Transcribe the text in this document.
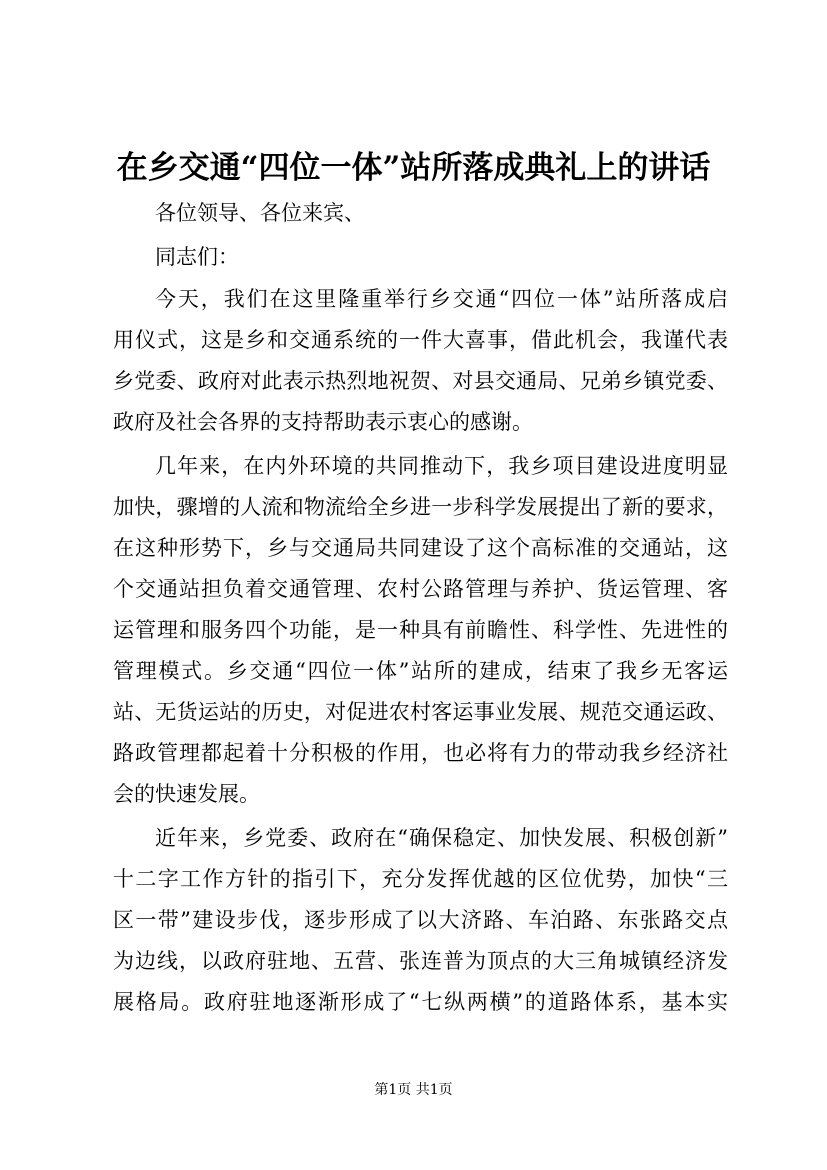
在乡交通“四位一体”站所落成典礼上的讲话
各位领导、各位来宾、
同志们：
今天，我们在这里隆重举行乡交通“四位一体”站所落成启
用仪式，这是乡和交通系统的一件大喜事，借此机会，我谨代表
乡党委、政府对此表示热烈地祝贺、对县交通局、兄弟乡镇党委、
政府及社会各界的支持帮助表示衷心的感谢。
几年来，在内外环境的共同推动下，我乡项目建设进度明显
加快，骤增的人流和物流给全乡进一步科学发展提出了新的要求，
在这种形势下，乡与交通局共同建设了这个高标准的交通站，这
个交通站担负着交通管理、农村公路管理与养护、货运管理、客
运管理和服务四个功能，是一种具有前瞻性、科学性、先进性的
管理模式。乡交通“四位一体”站所的建成，结束了我乡无客运
站、无货运站的历史，对促进农村客运事业发展、规范交通运政、
路政管理都起着十分积极的作用，也必将有力的带动我乡经济社
会的快速发展。
近年来，乡党委、政府在“确保稳定、加快发展、积极创新”
十二字工作方针的指引下，充分发挥优越的区位优势，加快“三
区一带”建设步伐，逐步形成了以大济路、车泊路、东张路交点
为边线，以政府驻地、五营、张连普为顶点的大三角城镇经济发
展格局。政府驻地逐渐形成了“七纵两横”的道路体系，基本实
第1页 共1页
